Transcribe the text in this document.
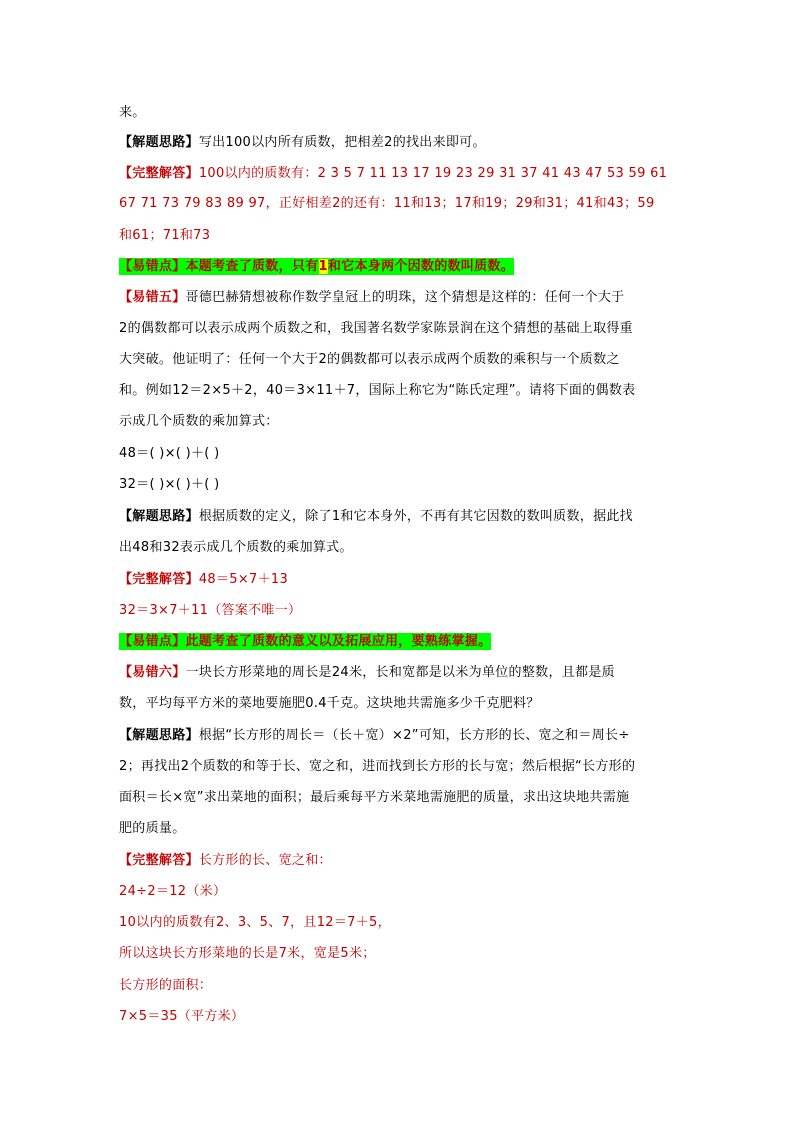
来。
【解题思路】写出100以内所有质数，把相差2的找出来即可。
【完整解答】100以内的质数有：2 3 5 7 11 13 17 19 23 29 31 37 41 43 47 53 59 61
67 71 73 79 83 89 97，正好相差2的还有：11和13；17和19；29和31；41和43；59
和61；71和73
【易错点】本题考查了质数，只有1和它本身两个因数的数叫质数。
【易错五】哥德巴赫猜想被称作数学皇冠上的明珠，这个猜想是这样的：任何一个大于
2的偶数都可以表示成两个质数之和，我国著名数学家陈景润在这个猜想的基础上取得重
大突破。他证明了：任何一个大于2的偶数都可以表示成两个质数的乘积与一个质数之
和。例如12＝2×5＋2，40＝3×11＋7，国际上称它为“陈氏定理”。请将下面的偶数表
示成几个质数的乘加算式：
48＝( )×( )＋( )
32＝( )×( )＋( )
【解题思路】根据质数的定义，除了1和它本身外，不再有其它因数的数叫质数，据此找
出48和32表示成几个质数的乘加算式。
【完整解答】48＝5×7＋13
32＝3×7＋11（答案不唯一）
【易错点】此题考查了质数的意义以及拓展应用，要熟练掌握。
【易错六】一块长方形菜地的周长是24米，长和宽都是以米为单位的整数，且都是质
数，平均每平方米的菜地要施肥0.4千克。这块地共需施多少千克肥料？
【解题思路】根据“长方形的周长＝（长＋宽）×2”可知，长方形的长、宽之和＝周长÷
2；再找出2个质数的和等于长、宽之和，进而找到长方形的长与宽；然后根据“长方形的
面积＝长×宽”求出菜地的面积；最后乘每平方米菜地需施肥的质量，求出这块地共需施
肥的质量。
【完整解答】长方形的长、宽之和：
24÷2＝12（米）
10以内的质数有2、3、5、7，且12＝7＋5，
所以这块长方形菜地的长是7米，宽是5米；
长方形的面积：
7×5＝35（平方米）
